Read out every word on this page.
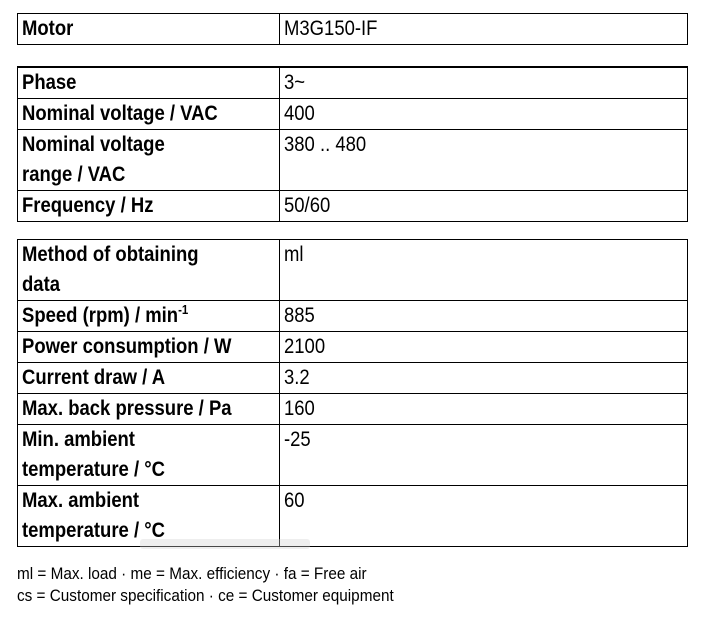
Motor	M3G150-IF
Phase	3~
Nominal voltage / VAC	400

Nominal voltage
range / VAC	380 .. 480
Frequency / Hz	50/60
Method of obtaining
data	ml
Speed $(rpm) / \min^{-1}$	885
Power consumption / W	2100
Current draw / A	3.2
Max. back pressure / Pa	160

Min. ambient
temperature / °C	-25

Max. ambient
temperature / °C	60
ml = Max. load · me = Max. efficiency · fa = Free air
cs = Customer specification · ce = Customer equipment
